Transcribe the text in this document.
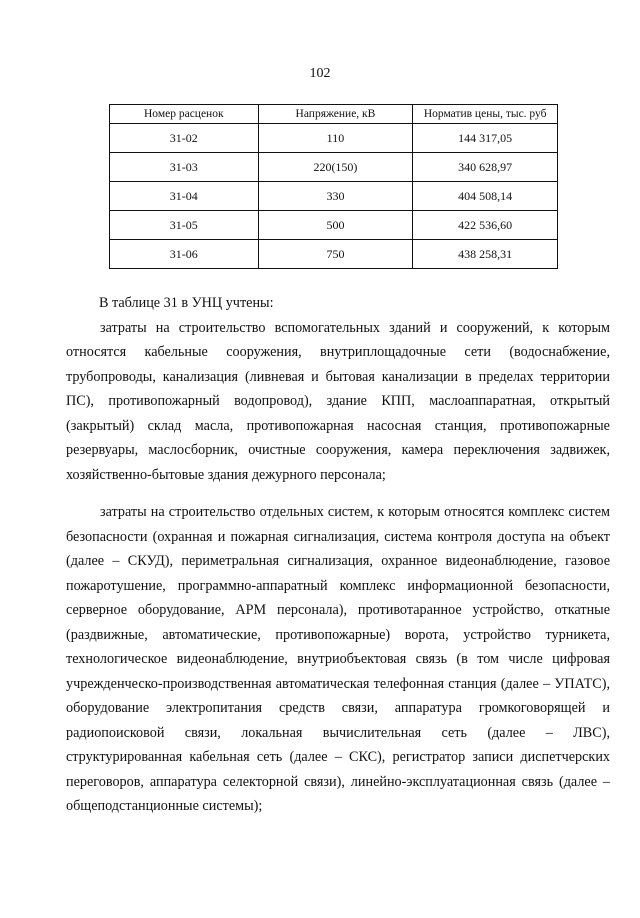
102
Номер расценок	Напряжение, кВ	Норматив цены, тыс. руб
31-02	110	144 317,05
31-03	220(150)	340 628,97
31-04	330	404 508,14
31-05	500	422 536,60
31-06	750	438 258,31

В таблице 31 в УНЦ учтены:

затраты на строительство вспомогательных зданий и сооружений, к которым относятся кабельные сооружения, внутриплощадочные сети (водоснабжение, трубопроводы, канализация (ливневая и бытовая канализации в пределах территории ПС), противопожарный водопровод), здание КПП, маслоаппаратная, открытый (закрытый) склад масла, противопожарная насосная станция, противопожарные резервуары, маслосборник, очистные сооружения, камера переключения задвижек, хозяйственно-бытовые здания дежурного персонала;

затраты на строительство отдельных систем, к которым относятся комплекс систем безопасности (охранная и пожарная сигнализация, система контроля доступа на объект (далее – СКУД), периметральная сигнализация, охранное видеонаблюдение, газовое пожаротушение, программно-аппаратный комплекс информационной безопасности, серверное оборудование, АРМ персонала), противотаранное устройство, откатные (раздвижные, автоматические, противопожарные) ворота, устройство турникета, технологическое видеонаблюдение, внутриобъектовая связь (в том числе цифровая учрежденческо-производственная автоматическая телефонная станция (далее – УПАТС), оборудование электропитания средств связи, аппаратура громкоговорящей и радиопоисковой связи, локальная вычислительная сеть (далее – ЛВС), структурированная кабельная сеть (далее – СКС), регистратор записи диспетчерских переговоров, аппаратура селекторной связи), линейно-эксплуатационная связь (далее – общеподстанционные системы);
